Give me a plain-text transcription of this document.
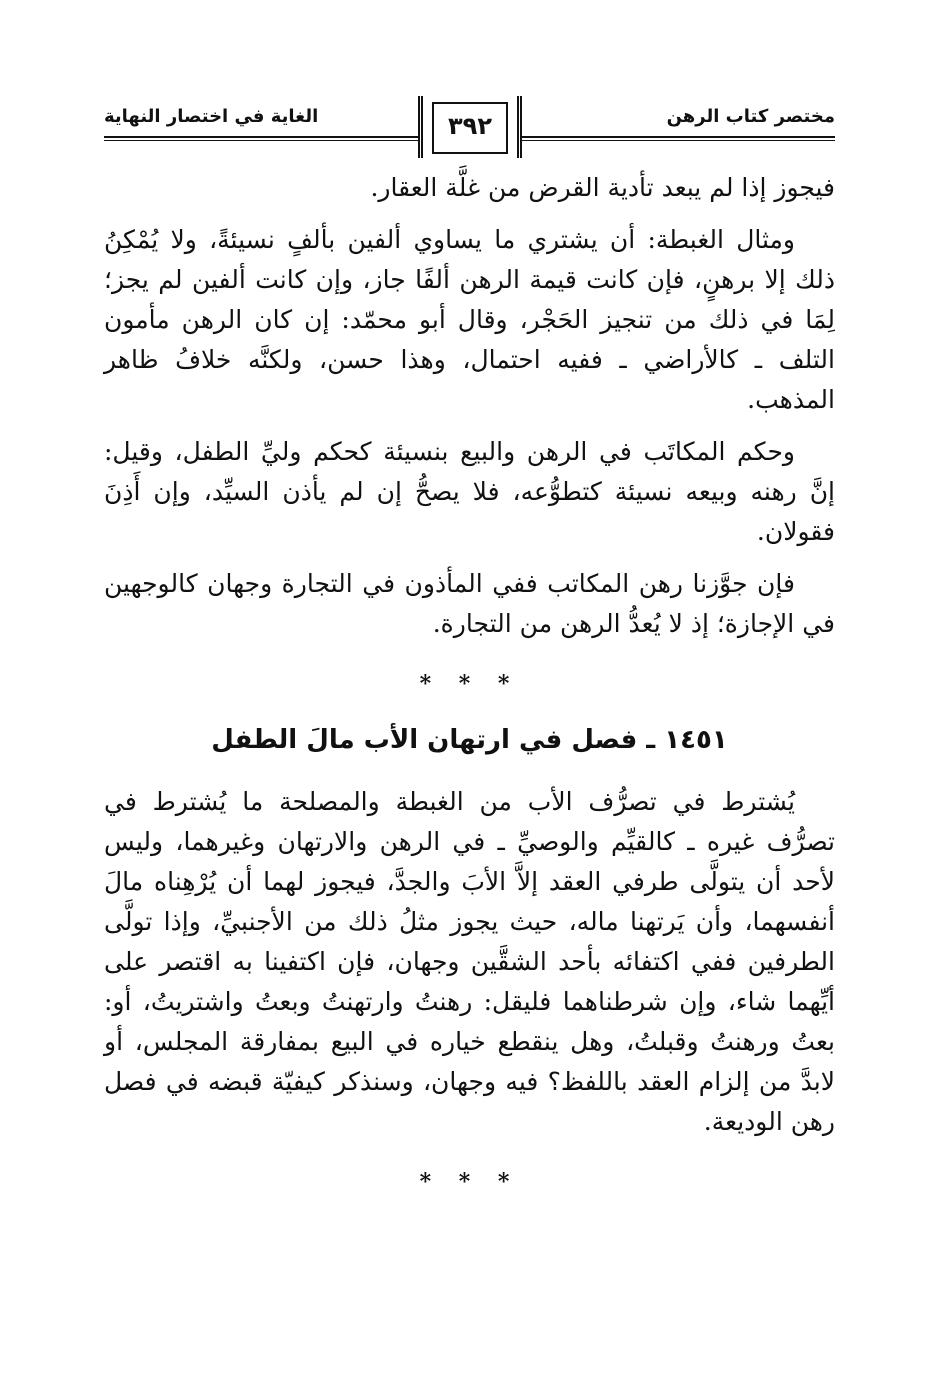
مختصر كتاب الرهن
الغاية في اختصار النهاية	٣٩٢

فيجوز إذا لم يبعد تأدية القرض من غلَّة العقار.

ومثال الغبطة: أن يشتري ما يساوي ألفين بألفٍ نسيئةً، ولا يُمْكِنُ ذلك إلا برهنٍ، فإن كانت قيمة الرهن ألفًا جاز، وإن كانت ألفين لم يجز؛ لِمَا في ذلك من تنجيز الحَجْر، وقال أبو محمّد: إن كان الرهن مأمون التلف ـ كالأراضي ـ ففيه احتمال، وهذا حسن، ولكنَّه خلافُ ظاهر المذهب.

وحكم المكاتَب في الرهن والبيع بنسيئة كحكم وليِّ الطفل، وقيل: إنَّ رهنه وبيعه نسيئة كتطوُّعه، فلا يصحُّ إن لم يأذن السيِّد، وإن أَذِنَ فقولان.

فإن جوَّزنا رهن المكاتب ففي المأذون في التجارة وجهان كالوجهين في الإجازة؛ إذ لا يُعدُّ الرهن من التجارة.

* * *
١٤٥١ ـ فصل في ارتهان الأب مالَ الطفل

يُشترط في تصرُّف الأب من الغبطة والمصلحة ما يُشترط في تصرُّف غيره ـ كالقيِّم والوصيِّ ـ في الرهن والارتهان وغيرهما، وليس لأحد أن يتولَّى طرفي العقد إلاَّ الأبَ والجدَّ، فيجوز لهما أن يُرْهِناه مالَ أنفسهما، وأن يَرتهنا ماله، حيث يجوز مثلُ ذلك من الأجنبيِّ، وإذا تولَّى الطرفين ففي اكتفائه بأحد الشقَّين وجهان، فإن اكتفينا به اقتصر على أيِّهما شاء، وإن شرطناهما فليقل: رهنتُ وارتهنتُ وبعتُ واشتريتُ، أو: بعتُ ورهنتُ وقبلتُ، وهل ينقطع خياره في البيع بمفارقة المجلس، أو لابدَّ من إلزام العقد باللفظ؟ فيه وجهان، وسنذكر كيفيّة قبضه في فصل رهن الوديعة.

* * *
